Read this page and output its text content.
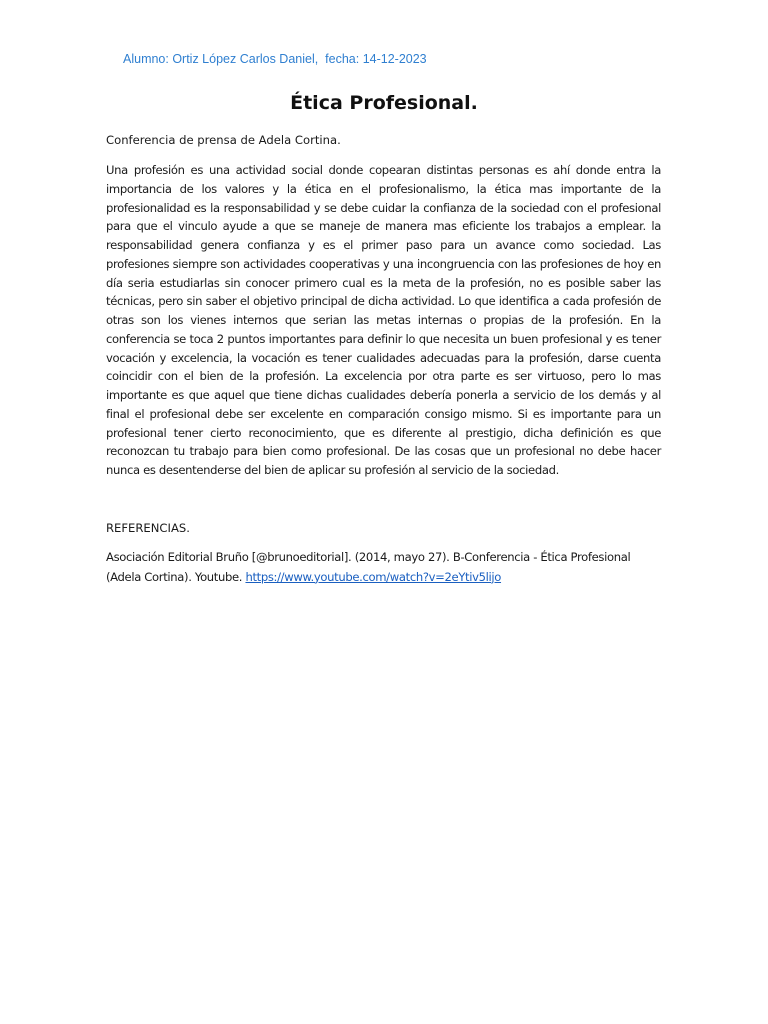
Alumno: Ortiz López Carlos Daniel,  fecha: 14-12-2023
Ética Profesional.
Conferencia de prensa de Adela Cortina.
Una profesión es una actividad social donde copearan distintas personas es ahí donde entra la importancia de los valores y la ética en el profesionalismo, la ética mas importante de la profesionalidad es la responsabilidad y se debe cuidar la confianza de la sociedad con el profesional para que el vinculo ayude a que se maneje de manera mas eficiente los trabajos a emplear. la responsabilidad genera confianza y es el primer paso para un avance como sociedad. Las profesiones siempre son actividades cooperativas y una incongruencia con las profesiones de hoy en día seria estudiarlas sin conocer primero cual es la meta de la profesión, no es posible saber las técnicas, pero sin saber el objetivo principal de dicha actividad. Lo que identifica a cada profesión de otras son los vienes internos que serian las metas internas o propias de la profesión. En la conferencia se toca 2 puntos importantes para definir lo que necesita un buen profesional y es tener vocación y excelencia, la vocación es tener cualidades adecuadas para la profesión, darse cuenta coincidir con el bien de la profesión. La excelencia por otra parte es ser virtuoso, pero lo mas importante es que aquel que tiene dichas cualidades debería ponerla a servicio de los demás y al final el profesional debe ser excelente en comparación consigo mismo. Si es importante para un profesional tener cierto reconocimiento, que es diferente al prestigio, dicha definición es que reconozcan tu trabajo para bien como profesional. De las cosas que un profesional no debe hacer nunca es desentenderse del bien de aplicar su profesión al servicio de la sociedad.
REFERENCIAS.
Asociación Editorial Bruño [@brunoeditorial]. (2014, mayo 27). B-Conferencia - Ética Profesional (Adela Cortina). Youtube. https://www.youtube.com/watch?v=2eYtiv5lijo
